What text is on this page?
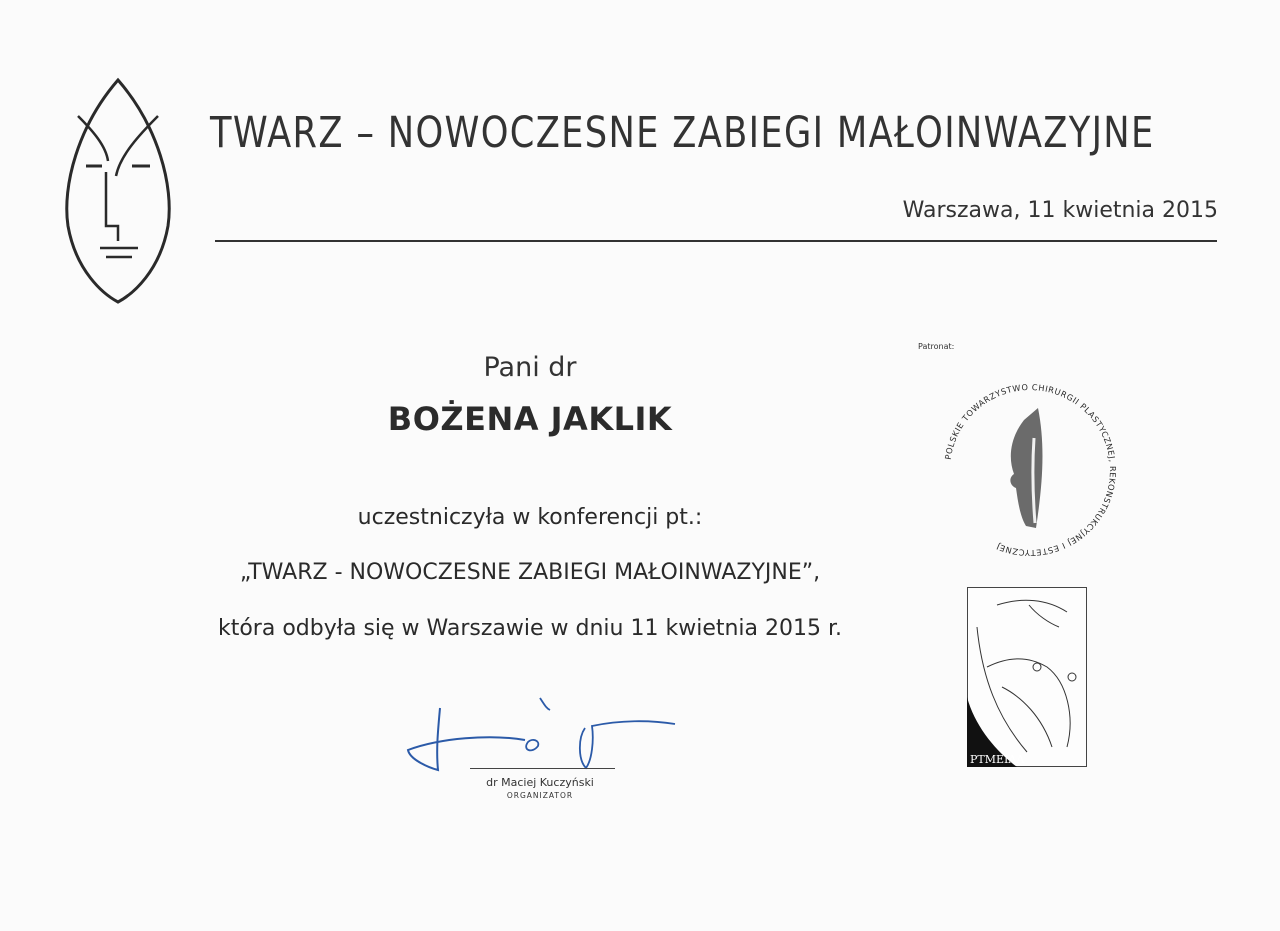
TWARZ – NOWOCZESNE ZABIEGI MAŁOINWAZYJNE
Warszawa, 11 kwietnia 2015
Pani dr
BOŻENA JAKLIK
uczestniczyła w konferencji pt.:
„TWARZ - NOWOCZESNE ZABIEGI MAŁOINWAZYJNE”,
która odbyła się w Warszawie w dniu 11 kwietnia 2015 r.
dr Maciej Kuczyński
ORGANIZATOR
Patronat:
POLSKIE TOWARZYSTWO CHIRURGII PLASTYCZNEJ, REKONSTRUKCYJNEJ I ESTETYCZNEJ
PTMEIAA
